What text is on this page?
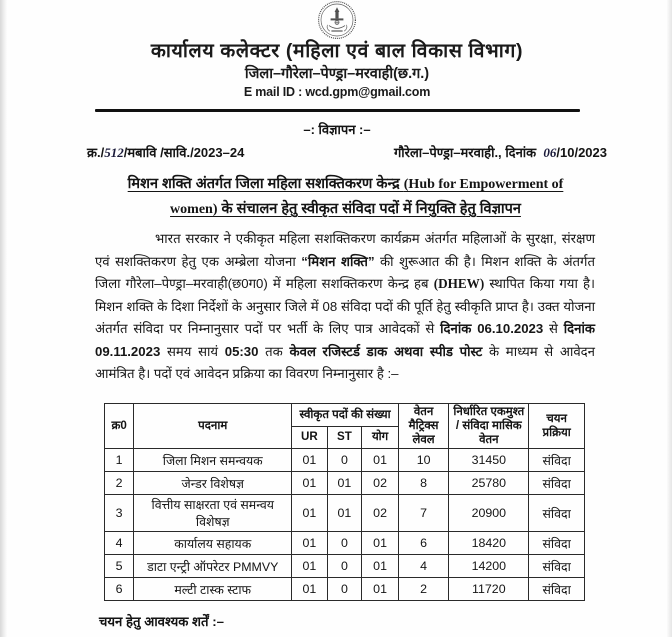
कार्यालय कलेक्टर (महिला एवं बाल विकास विभाग)
जिला–गौरेला–पेण्ड्रा–मरवाही(छ.ग.)
E mail ID : wcd.gpm@gmail.com
–: विज्ञापन :–
क्र./512/मबावि /सावि./2023–24	गौरेला–पेण्ड्रा–मरवाही., दिनांक 06/10/2023
मिशन शक्ति अंतर्गत जिला महिला सशक्तिकरण केन्द्र (Hub for Empowerment of
women) के संचालन हेतु स्वीकृत संविदा पदों में नियुक्ति हेतु विज्ञापन
भारत सरकार ने एकीकृत महिला सशक्तिकरण कार्यक्रम अंतर्गत महिलाओं के सुरक्षा, संरक्षण एवं सशक्तिकरण हेतु एक अम्ब्रेला योजना “मिशन शक्ति” की शुरूआत की है। मिशन शक्ति के अंतर्गत जिला गौरेला–पेण्ड्रा–मरवाही(छ0ग0) में महिला सशक्तिकरण केन्द्र हब (DHEW) स्थापित किया गया है। मिशन शक्ति के दिशा निर्देशों के अनुसार जिले में 08 संविदा पदों की पूर्ति हेतु स्वीकृति प्राप्त है। उक्त योजना अंतर्गत संविदा पर निम्नानुसार पदों पर भर्ती के लिए पात्र आवेदकों से दिनांक 06.10.2023 से दिनांक 09.11.2023 समय सायं 05:30 तक केवल रजिस्टर्ड डाक अथवा स्पीड पोस्ट के माध्यम से आवेदन आमंत्रित है। पदों एवं आवेदन प्रक्रिया का विवरण निम्नानुसार है :–
क्र0	पदनाम	स्वीकृत पदों की संख्या			वेतन मैट्रिक्स लेवल	निर्धारित एकमुश्त / संविदा मासिक वेतन	चयन प्रक्रिया
		UR	ST	योग			
1	जिला मिशन समन्वयक	01	0	01	10	31450	संविदा
2	जेन्डर विशेषज्ञ	01	01	02	8	25780	संविदा
3	वित्तीय साक्षरता एवं समन्वय विशेषज्ञ	01	01	02	7	20900	संविदा
4	कार्यालय सहायक	01	0	01	6	18420	संविदा
5	डाटा एन्ट्री ऑपरेटर PMMVY	01	0	01	4	14200	संविदा
6	मल्टी टास्क स्टाफ	01	0	01	2	11720	संविदा
चयन हेतु आवश्यक शर्तें :–
